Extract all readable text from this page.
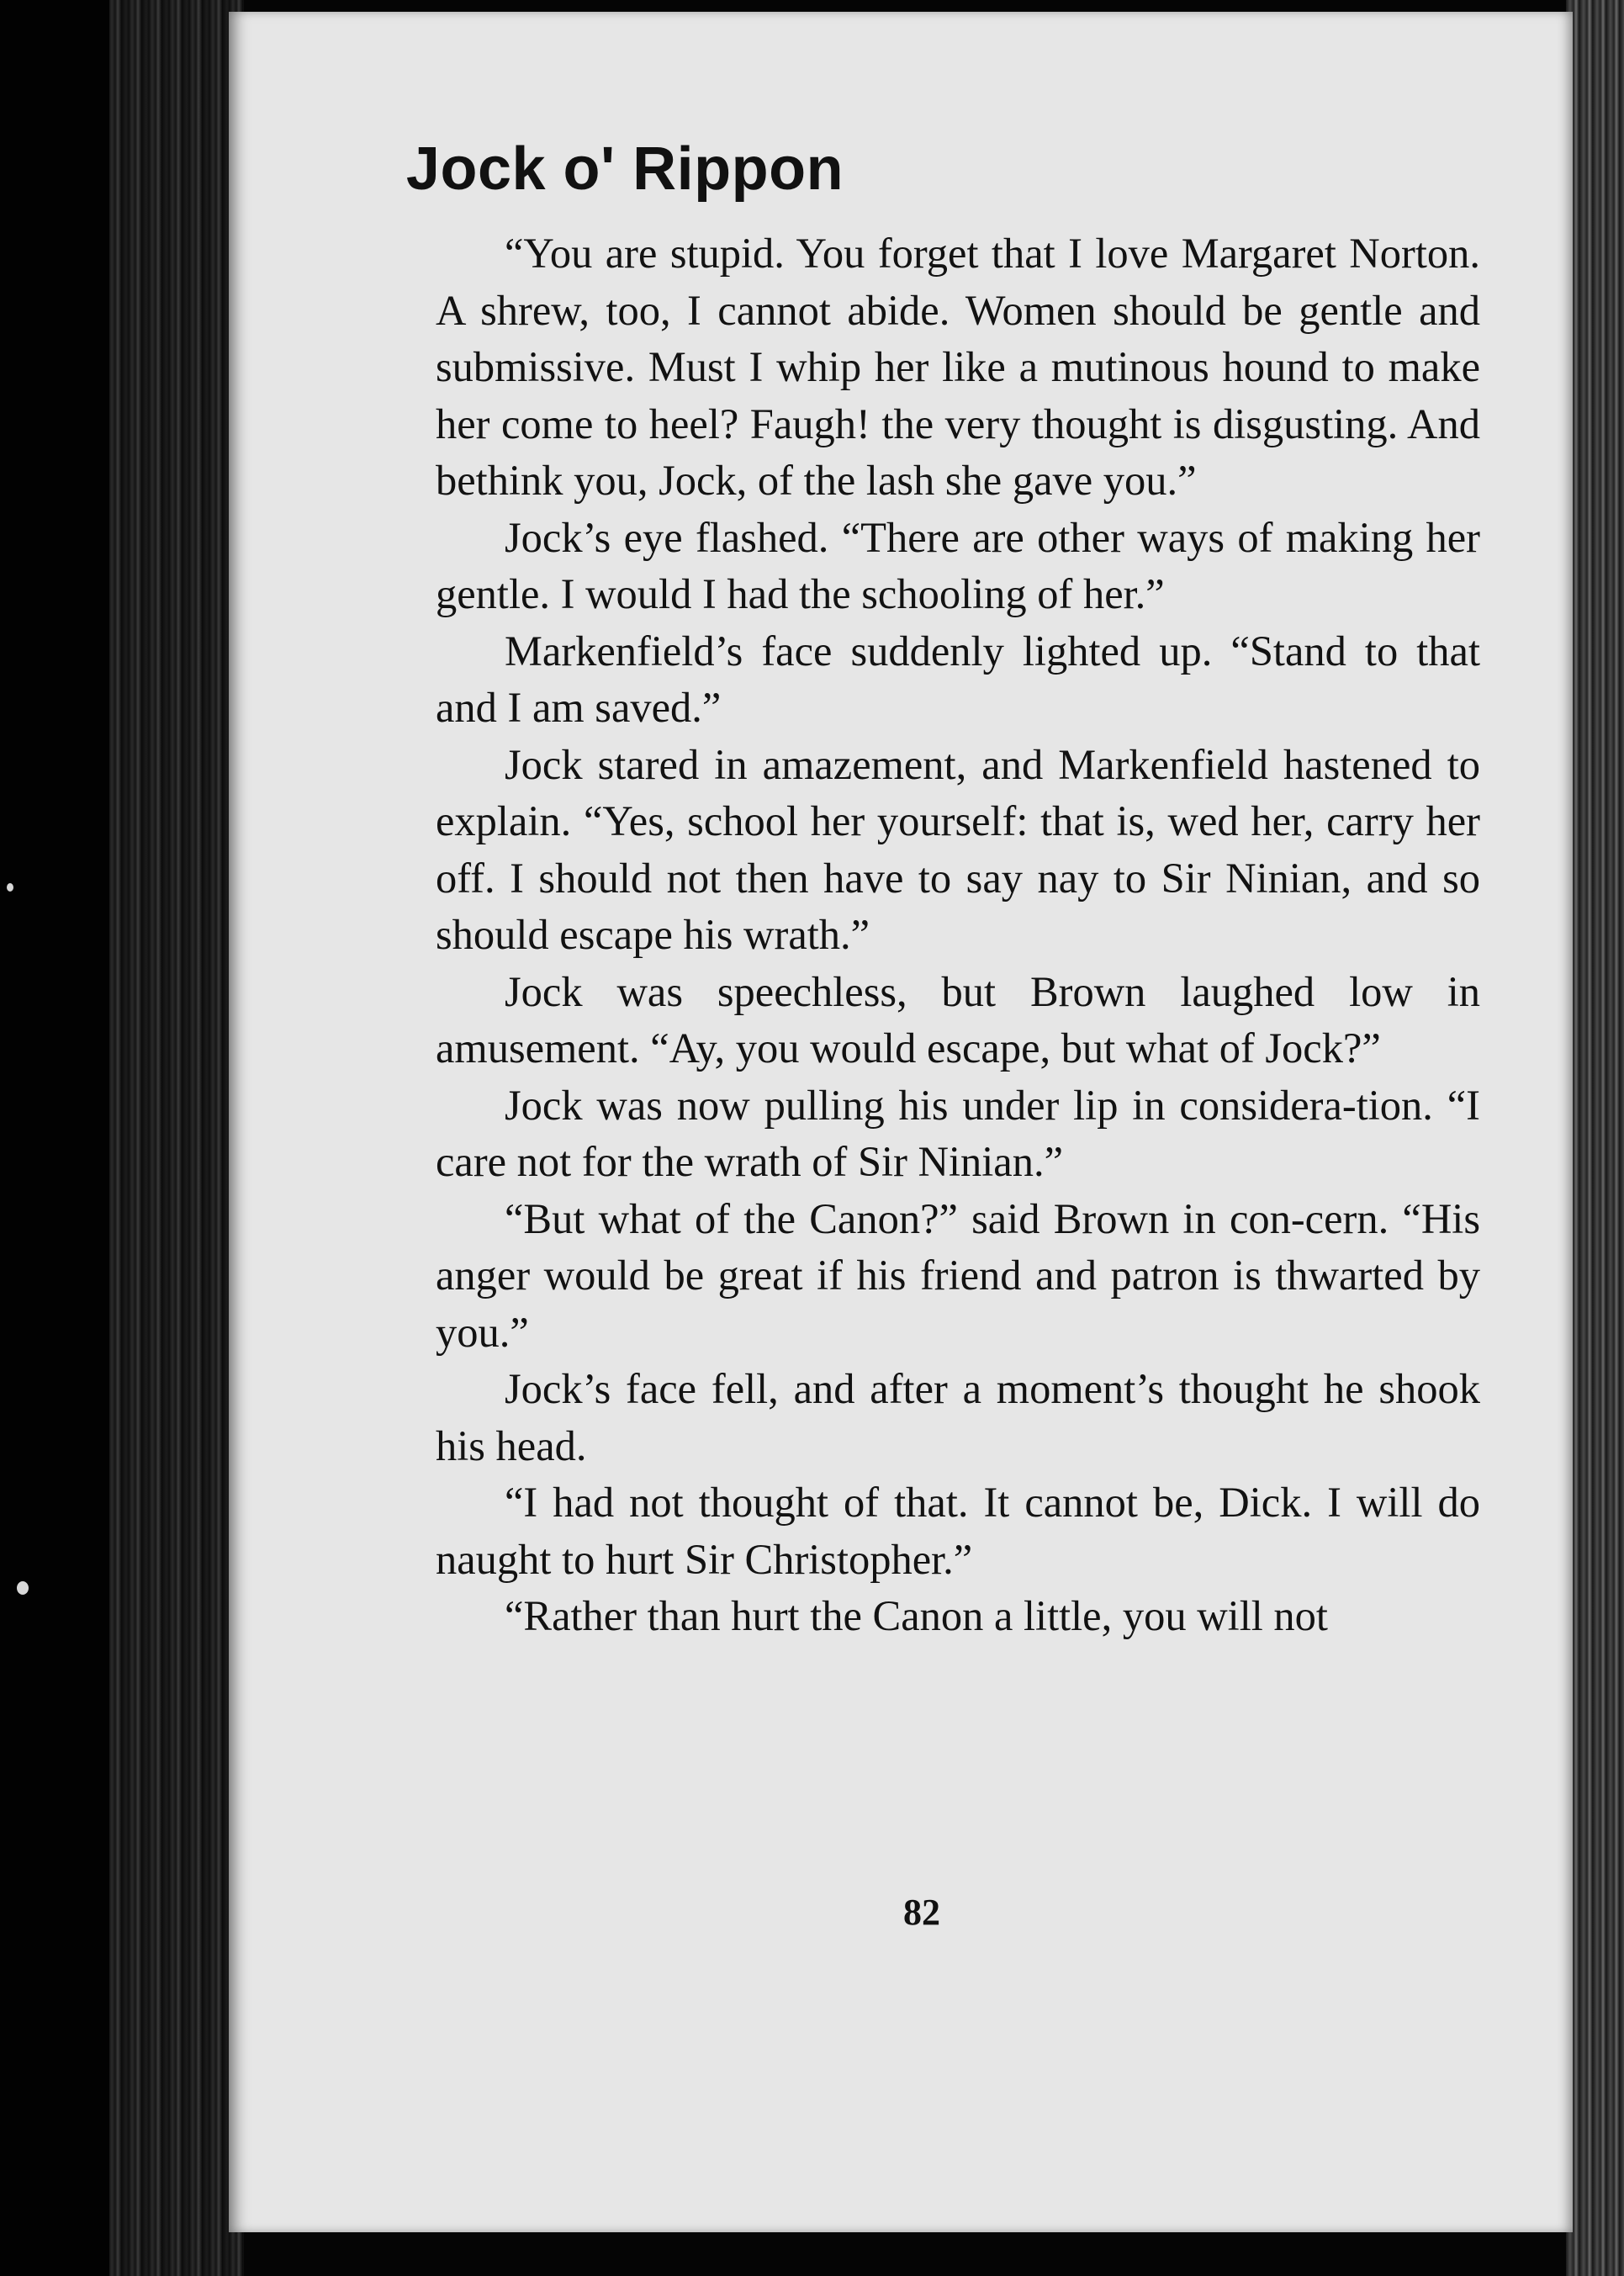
Jock o' Rippon

“You are stupid. You forget that I love Margaret Norton. A shrew, too, I cannot abide. Women should be gentle and submissive. Must I whip her like a mutinous hound to make her come to heel? Faugh! the very thought is disgusting. And bethink you, Jock, of the lash she gave you.”

Jock’s eye flashed. “There are other ways of making her gentle. I would I had the schooling of her.”

Markenfield’s face suddenly lighted up. “Stand to that and I am saved.”

Jock stared in amazement, and Markenfield hastened to explain. “Yes, school her yourself: that is, wed her, carry her off. I should not then have to say nay to Sir Ninian, and so should escape his wrath.”

Jock was speechless, but Brown laughed low in amusement. “Ay, you would escape, but what of Jock?”

Jock was now pulling his under lip in considera-tion. “I care not for the wrath of Sir Ninian.”

“But what of the Canon?” said Brown in con-cern. “His anger would be great if his friend and patron is thwarted by you.”

Jock’s face fell, and after a moment’s thought he shook his head.

“I had not thought of that. It cannot be, Dick. I will do naught to hurt Sir Christopher.”

“Rather than hurt the Canon a little, you will not

82
